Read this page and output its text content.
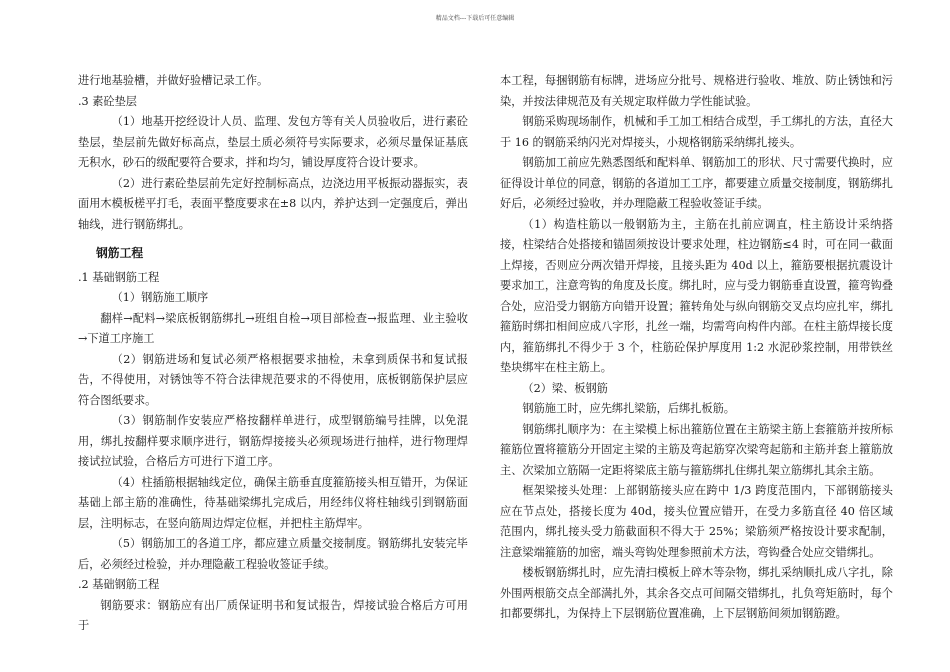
精品文档---下载后可任意编辑

进行地基验槽，并做好验槽记录工作。

.3 素砼垫层

（1）地基开挖经设计人员、监理、发包方等有关人员验收后，进行素砼垫层，垫层前先做好标高点，垫层土质必须符号实际要求，必须尽量保证基底无积水，砂石的级配要符合要求，拌和均匀，铺设厚度符合设计要求。

（2）进行素砼垫层前先定好控制标高点，边浇边用平板振动器振实，表面用木模板槎平打毛，表面平整度要求在±8 以内，养护达到一定强度后，弹出轴线，进行钢筋绑扎。

钢筋工程

.1 基础钢筋工程

（1）钢筋施工顺序

翻样→配料→梁底板钢筋绑扎→班组自检→项目部检查→报监理、业主验收→下道工序施工

（2）钢筋进场和复试必须严格根据要求抽检，未拿到质保书和复试报告，不得使用，对锈蚀等不符合法律规范要求的不得使用，底板钢筋保护层应符合图纸要求。

（3）钢筋制作安装应严格按翻样单进行，成型钢筋编号挂牌，以免混用，绑扎按翻样要求顺序进行，钢筋焊接接头必须现场进行抽样，进行物理焊接试拉试验，合格后方可进行下道工序。

（4）柱插筋根据轴线定位，确保主筋垂直度箍筋接头相互错开，为保证基础上部主筋的准确性，待基础梁绑扎完成后，用经纬仪将柱轴线引到钢筋面层，注明标志，在竖向筋周边焊定位框，并把柱主筋焊牢。

（5）钢筋加工的各道工序，都应建立质量交接制度。钢筋绑扎安装完毕后，必须经过检验，并办理隐蔽工程验收签证手续。

.2 基础钢筋工程

钢筋要求：钢筋应有出厂质保证明书和复试报告，焊接试验合格后方可用于

本工程，每捆钢筋有标牌，进场应分批号、规格进行验收、堆放、防止锈蚀和污染，并按法律规范及有关规定取样做力学性能试验。

钢筋采购现场制作，机械和手工加工相结合成型，手工绑扎的方法，直径大于 16 的钢筋采纳闪光对焊接头，小规格钢筋采纳绑扎接头。

钢筋加工前应先熟悉图纸和配料单、钢筋加工的形状、尺寸需要代换时，应征得设计单位的同意，钢筋的各道加工工序，都要建立质量交接制度，钢筋绑扎好后，必须经过验收，并办理隐蔽工程验收签证手续。

（1）构造柱筋以一般钢筋为主，主筋在扎前应调直，柱主筋设计采纳搭接，柱梁结合处搭接和锚固须按设计要求处理，柱边钢筋≤4 时，可在同一截面上焊接，否则应分两次错开焊接，且接头距为 40d 以上，箍筋要根据抗震设计要求加工，注意弯钩的角度及长度。绑扎时，应与受力钢筋垂直设置，箍弯钩叠合处，应沿受力钢筋方向错开设置；箍转角处与纵向钢筋交叉点均应扎牢，绑扎箍筋时绑扣相间应成八字形，扎丝一端，均需弯向构件内部。在柱主筋焊接长度内，箍筋绑扎不得少于 3 个，柱筋砼保护厚度用 1:2 水泥砂浆控制，用带铁丝垫块绑牢在柱主筋上。

（2）梁、板钢筋

钢筋施工时，应先绑扎梁筋，后绑扎板筋。

钢筋绑扎顺序为：在主梁模上标出箍筋位置在主筋梁主筋上套箍筋并按所标箍筋位置将箍筋分开固定主梁的主筋及弯起筋穿次梁弯起筋和主筋并套上箍筋放主、次梁加立筋隔一定距将梁底主筋与箍筋绑扎住绑扎架立筋绑扎其余主筋。

框架梁接头处理：上部钢筋接头应在跨中 1/3 跨度范围内，下部钢筋接头应在节点处，搭接长度为 40d，接头位置应错开，在受力多筋直径 40 倍区域范围内，绑扎接头受力筋截面积不得大于 25%；梁筋须严格按设计要求配制，注意梁端箍筋的加密，端头弯钩处理参照前术方法，弯钩叠合处应交错绑扎。

楼板钢筋绑扎时，应先清扫模板上碎木等杂物，绑扎采纳顺扎成八字扎，除外围两根筋交点全部满扎外，其余各交点可间隔交错绑扎，扎负弯矩筋时，每个扣都要绑扎，为保持上下层钢筋位置准确，上下层钢筋间须加钢筋蹬。
